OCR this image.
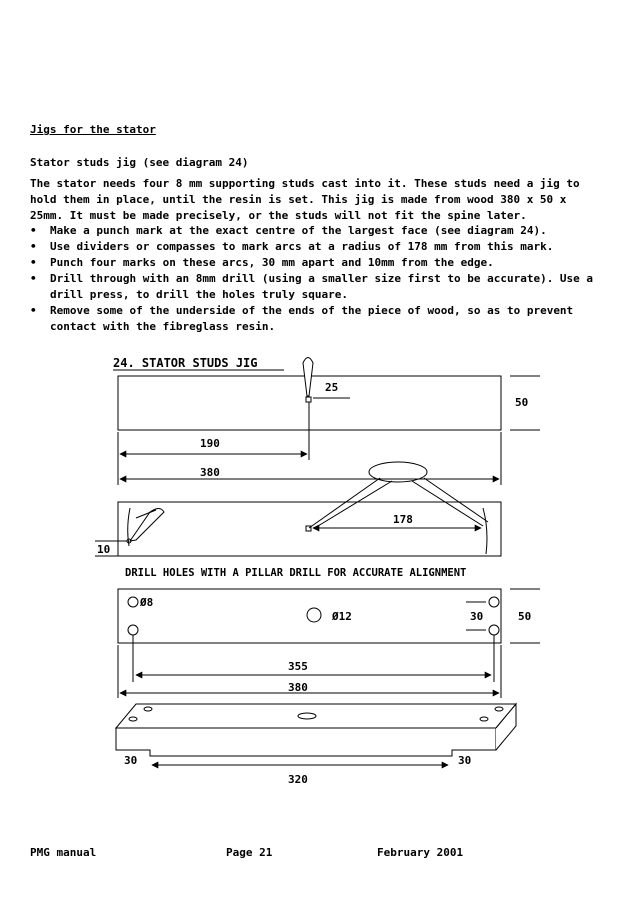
Jigs for the stator
Stator studs jig (see diagram 24)
The stator needs four 8 mm supporting studs cast into it. These studs need a jig to hold them in place, until the resin is set. This jig is made from wood 380 x 50 x 25mm. It must be made precisely, or the studs will not fit the spine later.
• Make a punch mark at the exact centre of the largest face (see diagram 24).
• Use dividers or compasses to mark arcs at a radius of 178 mm from this mark.
• Punch four marks on these arcs, 30 mm apart and 10mm from the edge.
• Drill through with an 8mm drill (using a smaller size first to be accurate). Use a drill press, to drill the holes truly square.
• Remove some of the underside of the ends of the piece of wood, so as to prevent contact with the fibreglass resin.
24. STATOR STUDS JIG
25
50
190
380
178
10
DRILL HOLES WITH A PILLAR DRILL FOR ACCURATE ALIGNMENT
Ø8
Ø12	30	50
355
380
30	30
320
PMG manual	Page 21	February 2001
